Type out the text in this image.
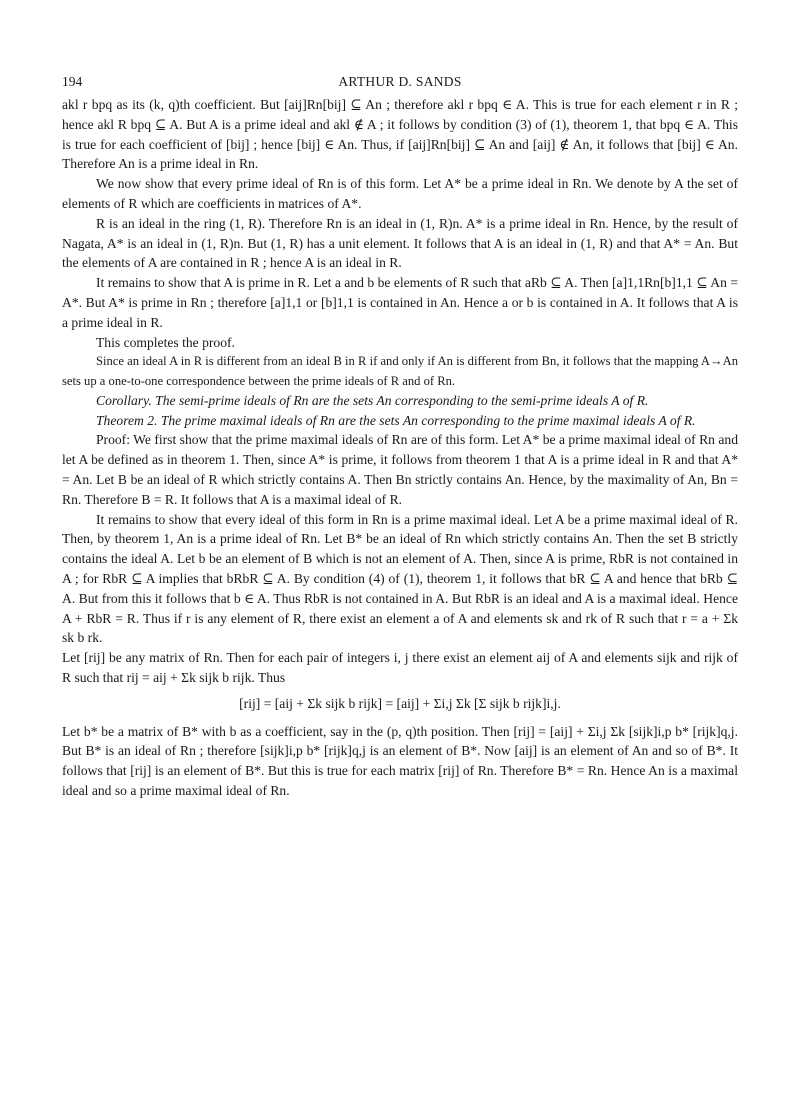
194	ARTHUR D. SANDS

akl r bpq as its (k, q)th coefficient. But [aij]Rn[bij] ⊆ An ; therefore akl r bpq ∈ A. This is true for each element r in R ; hence akl R bpq ⊆ A. But A is a prime ideal and akl ∉ A ; it follows by condition (3) of (1), theorem 1, that bpq ∈ A. This is true for each coefficient of [bij] ; hence [bij] ∈ An. Thus, if [aij]Rn[bij] ⊆ An and [aij] ∉ An, it follows that [bij] ∈ An. Therefore An is a prime ideal in Rn.

We now show that every prime ideal of Rn is of this form. Let A* be a prime ideal in Rn. We denote by A the set of elements of R which are coefficients in matrices of A*.

R is an ideal in the ring (1, R). Therefore Rn is an ideal in (1, R)n. A* is a prime ideal in Rn. Hence, by the result of Nagata, A* is an ideal in (1, R)n. But (1, R) has a unit element. It follows that A is an ideal in (1, R) and that A* = An. But the elements of A are contained in R ; hence A is an ideal in R.

It remains to show that A is prime in R. Let a and b be elements of R such that aRb ⊆ A. Then [a]1,1Rn[b]1,1 ⊆ An = A*. But A* is prime in Rn ; therefore [a]1,1 or [b]1,1 is contained in An. Hence a or b is contained in A. It follows that A is a prime ideal in R.

This completes the proof.

Since an ideal A in R is different from an ideal B in R if and only if An is different from Bn, it follows that the mapping A→An sets up a one-to-one correspondence between the prime ideals of R and of Rn.

Corollary. The semi-prime ideals of Rn are the sets An corresponding to the semi-prime ideals A of R.

Theorem 2. The prime maximal ideals of Rn are the sets An corresponding to the prime maximal ideals A of R.

Proof: We first show that the prime maximal ideals of Rn are of this form. Let A* be a prime maximal ideal of Rn and let A be defined as in theorem 1. Then, since A* is prime, it follows from theorem 1 that A is a prime ideal in R and that A* = An. Let B be an ideal of R which strictly contains A. Then Bn strictly contains An. Hence, by the maximality of An, Bn = Rn. Therefore B = R. It follows that A is a maximal ideal of R.

It remains to show that every ideal of this form in Rn is a prime maximal ideal. Let A be a prime maximal ideal of R. Then, by theorem 1, An is a prime ideal of Rn. Let B* be an ideal of Rn which strictly contains An. Then the set B strictly contains the ideal A. Let b be an element of B which is not an element of A. Then, since A is prime, RbR is not contained in A ; for RbR ⊆ A implies that bRbR ⊆ A. By condition (4) of (1), theorem 1, it follows that bR ⊆ A and hence that bRb ⊆ A. But from this it follows that b ∈ A. Thus RbR is not contained in A. But RbR is an ideal and A is a maximal ideal. Hence A + RbR = R. Thus if r is any element of R, there exist an element a of A and elements sk and rk of R such that r = a + Σk sk b rk.

Let [rij] be any matrix of Rn. Then for each pair of integers i, j there exist an element aij of A and elements sijk and rijk of R such that rij = aij + Σk sijk b rijk. Thus

[rij] = [aij + Σk sijk b rijk] = [aij] + Σi,j Σk [Σ sijk b rijk]i,j.

Let b* be a matrix of B* with b as a coefficient, say in the (p, q)th position. Then [rij] = [aij] + Σi,j Σk [sijk]i,p b* [rijk]q,j. But B* is an ideal of Rn ; therefore [sijk]i,p b* [rijk]q,j is an element of B*. Now [aij] is an element of An and so of B*. It follows that [rij] is an element of B*. But this is true for each matrix [rij] of Rn. Therefore B* = Rn. Hence An is a maximal ideal and so a prime maximal ideal of Rn.
